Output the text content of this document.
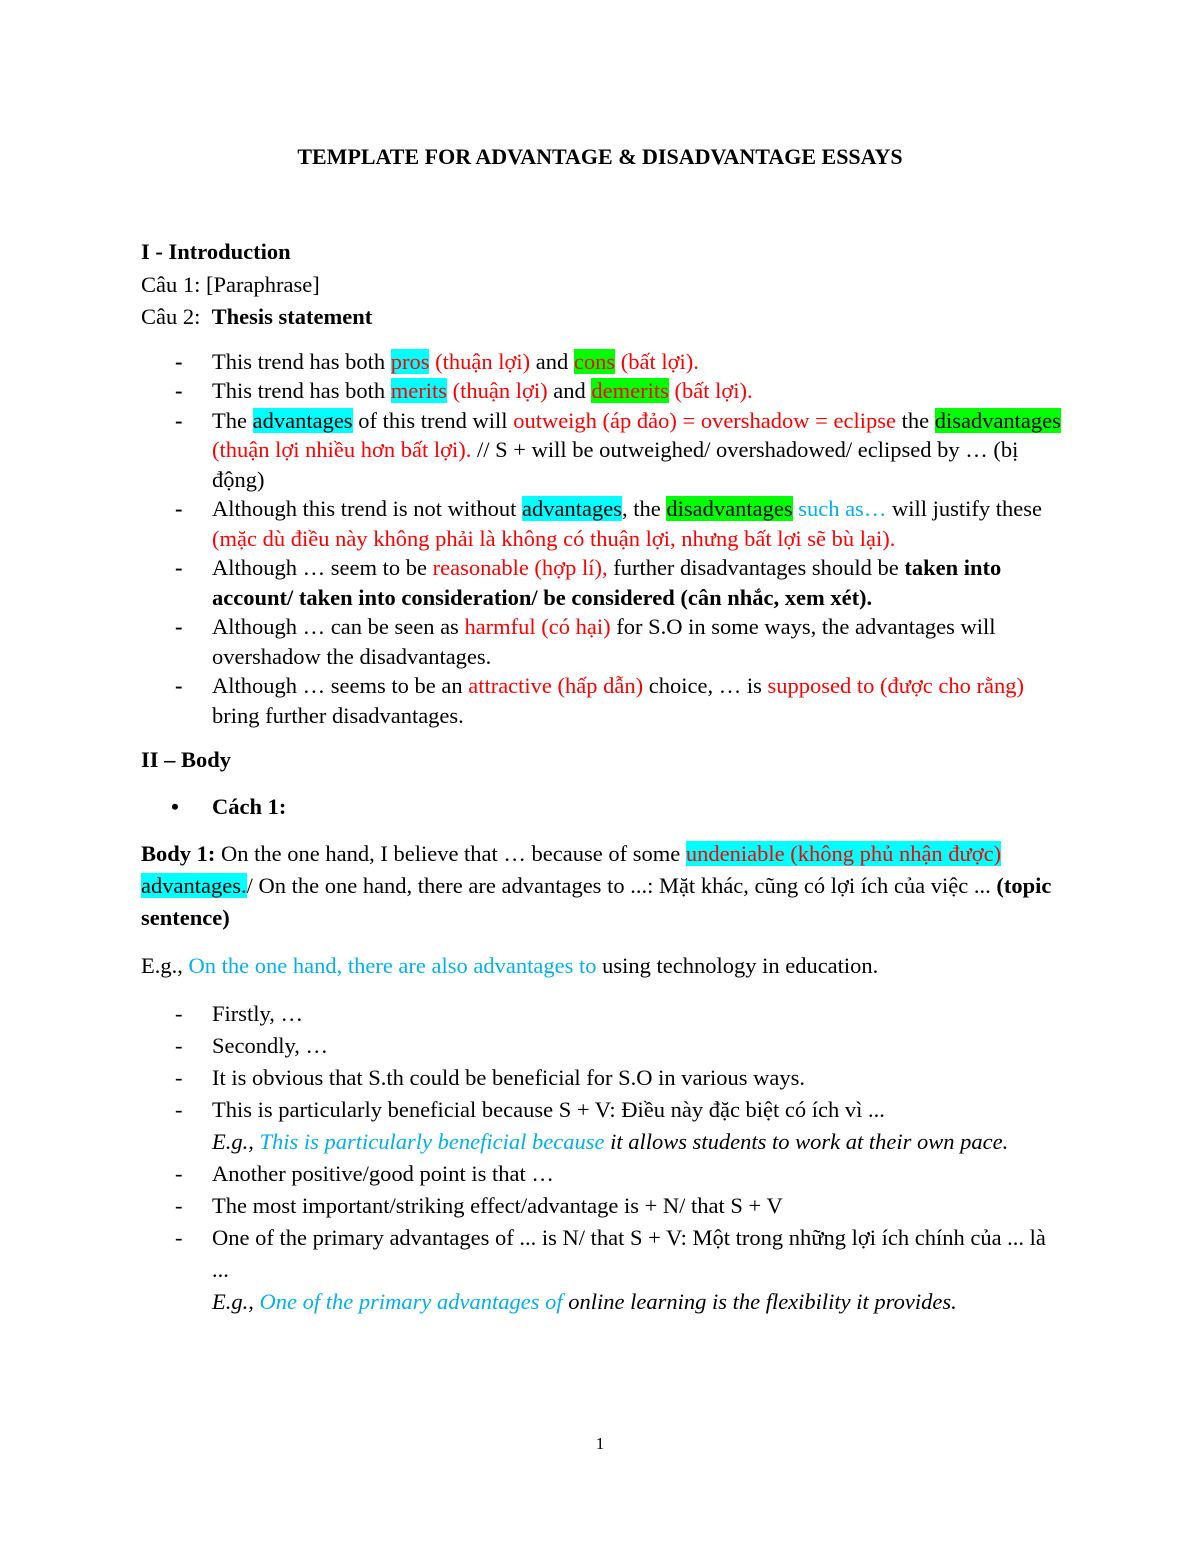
TEMPLATE FOR ADVANTAGE & DISADVANTAGE ESSAYS

I - Introduction

Câu 1: [Paraphrase]

Câu 2: Thesis statement

- This trend has both pros (thuận lợi) and cons (bất lợi).
- This trend has both merits (thuận lợi) and demerits (bất lợi).
- The advantages of this trend will outweigh (áp đảo) = overshadow = eclipse the disadvantages (thuận lợi nhiều hơn bất lợi). // S + will be outweighed/ overshadowed/ eclipsed by … (bị động)
- Although this trend is not without advantages, the disadvantages such as… will justify these (mặc dù điều này không phải là không có thuận lợi, nhưng bất lợi sẽ bù lại).
- Although … seem to be reasonable (hợp lí), further disadvantages should be taken into account/ taken into consideration/ be considered (cân nhắc, xem xét).
- Although … can be seen as harmful (có hại) for S.O in some ways, the advantages will overshadow the disadvantages.
- Although … seems to be an attractive (hấp dẫn) choice, … is supposed to (được cho rằng) bring further disadvantages.

II – Body

• Cách 1:

Body 1: On the one hand, I believe that … because of some undeniable (không phủ nhận được) advantages./ On the one hand, there are advantages to ...: Mặt khác, cũng có lợi ích của việc ... (topic sentence)

E.g., On the one hand, there are also advantages to using technology in education.

- Firstly, …
- Secondly, …
- It is obvious that S.th could be beneficial for S.O in various ways.
- This is particularly beneficial because S + V: Điều này đặc biệt có ích vì ...
E.g., This is particularly beneficial because it allows students to work at their own pace.
- Another positive/good point is that …
- The most important/striking effect/advantage is + N/ that S + V
- One of the primary advantages of ... is N/ that S + V: Một trong những lợi ích chính của ... là ...
E.g., One of the primary advantages of online learning is the flexibility it provides.
1
